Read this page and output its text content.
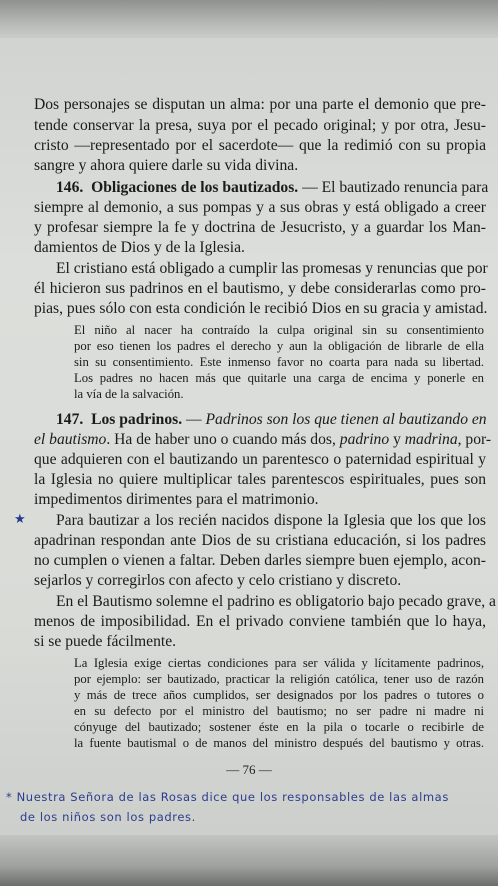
Dos personajes se disputan un alma: por una parte el demonio que pre-
tende conservar la presa, suya por el pecado original; y por otra, Jesu-
cristo —representado por el sacerdote— que la redimió con su propia
sangre y ahora quiere darle su vida divina.
146. Obligaciones de los bautizados. — El bautizado renuncia para
siempre al demonio, a sus pompas y a sus obras y está obligado a creer
y profesar siempre la fe y doctrina de Jesucristo, y a guardar los Man-
damientos de Dios y de la Iglesia.
El cristiano está obligado a cumplir las promesas y renuncias que por
él hicieron sus padrinos en el bautismo, y debe considerarlas como pro-
pias, pues sólo con esta condición le recibió Dios en su gracia y amistad.
El niño al nacer ha contraído la culpa original sin su consentimiento
por eso tienen los padres el derecho y aun la obligación de librarle de ella
sin su consentimiento. Este inmenso favor no coarta para nada su libertad.
Los padres no hacen más que quitarle una carga de encima y ponerle en
la vía de la salvación.
147. Los padrinos. — Padrinos son los que tienen al bautizando en
el bautismo. Ha de haber uno o cuando más dos, padrino y madrina, por-
que adquieren con el bautizando un parentesco o paternidad espiritual y
la Iglesia no quiere multiplicar tales parentescos espirituales, pues son
impedimentos dirimentes para el matrimonio.
★ Para bautizar a los recién nacidos dispone la Iglesia que los que los
apadrinan respondan ante Dios de su cristiana educación, si los padres
no cumplen o vienen a faltar. Deben darles siempre buen ejemplo, acon-
sejarlos y corregirlos con afecto y celo cristiano y discreto.
En el Bautismo solemne el padrino es obligatorio bajo pecado grave, a
menos de imposibilidad. En el privado conviene también que lo haya,
si se puede fácilmente.
La Iglesia exige ciertas condiciones para ser válida y lícitamente padrinos,
por ejemplo: ser bautizado, practicar la religión católica, tener uso de razón
y más de trece años cumplidos, ser designados por los padres o tutores o
en su defecto por el ministro del bautismo; no ser padre ni madre ni
cónyuge del bautizado; sostener éste en la pila o tocarle o recibirle de
la fuente bautismal o de manos del ministro después del bautismo y otras.
— 76 —
* Nuestra Señora de las Rosas dice que los responsables de las almas
de los niños son los padres.
